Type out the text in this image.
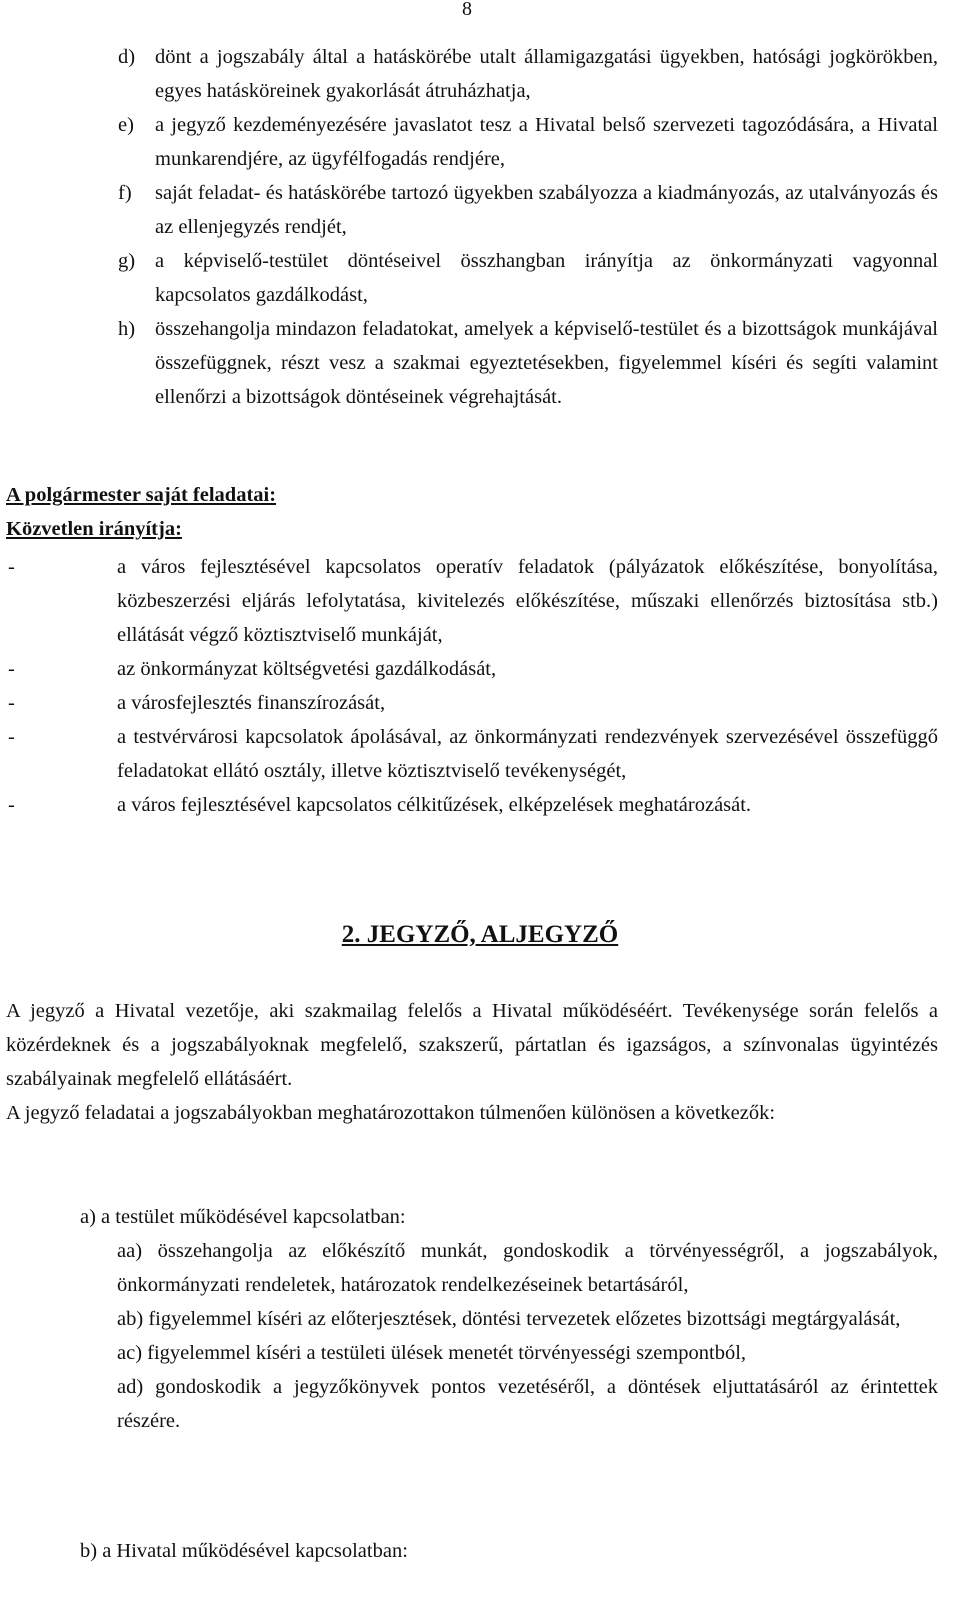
8
d) dönt a jogszabály által a hatáskörébe utalt államigazgatási ügyekben, hatósági jogkörökben, egyes hatásköreinek gyakorlását átruházhatja,
e) a jegyző kezdeményezésére javaslatot tesz a Hivatal belső szervezeti tagozódására, a Hivatal munkarendjére, az ügyfélfogadás rendjére,
f) saját feladat- és hatáskörébe tartozó ügyekben szabályozza a kiadmányozás, az utalványozás és az ellenjegyzés rendjét,
g) a képviselő-testület döntéseivel összhangban irányítja az önkormányzati vagyonnal kapcsolatos gazdálkodást,
h) összehangolja mindazon feladatokat, amelyek a képviselő-testület és a bizottságok munkájával összefüggnek, részt vesz a szakmai egyeztetésekben, figyelemmel kíséri és segíti valamint ellenőrzi a bizottságok döntéseinek végrehajtását.
A polgármester saját feladatai:
Közvetlen irányítja:
-	a város fejlesztésével kapcsolatos operatív feladatok (pályázatok előkészítése, bonyolítása, közbeszerzési eljárás lefolytatása, kivitelezés előkészítése, műszaki ellenőrzés biztosítása stb.) ellátását végző köztisztviselő munkáját,
-	az önkormányzat költségvetési gazdálkodását,
-	a városfejlesztés finanszírozását,
-	a testvérvárosi kapcsolatok ápolásával, az önkormányzati rendezvények szervezésével összefüggő feladatokat ellátó osztály, illetve köztisztviselő tevékenységét,
-	a város fejlesztésével kapcsolatos célkitűzések, elképzelések meghatározását.
2. JEGYZŐ, ALJEGYZŐ
A jegyző a Hivatal vezetője, aki szakmailag felelős a Hivatal működéséért. Tevékenysége során felelős a közérdeknek és a jogszabályoknak megfelelő, szakszerű, pártatlan és igazságos, a színvonalas ügyintézés szabályainak megfelelő ellátásáért.
A jegyző feladatai a jogszabályokban meghatározottakon túlmenően különösen a következők:
a) a testület működésével kapcsolatban:
aa) összehangolja az előkészítő munkát, gondoskodik a törvényességről, a jogszabályok, önkormányzati rendeletek, határozatok rendelkezéseinek betartásáról,
ab) figyelemmel kíséri az előterjesztések, döntési tervezetek előzetes bizottsági megtárgyalását,
ac) figyelemmel kíséri a testületi ülések menetét törvényességi szempontból,
ad) gondoskodik a jegyzőkönyvek pontos vezetéséről, a döntések eljuttatásáról az érintettek részére.
b) a Hivatal működésével kapcsolatban:
